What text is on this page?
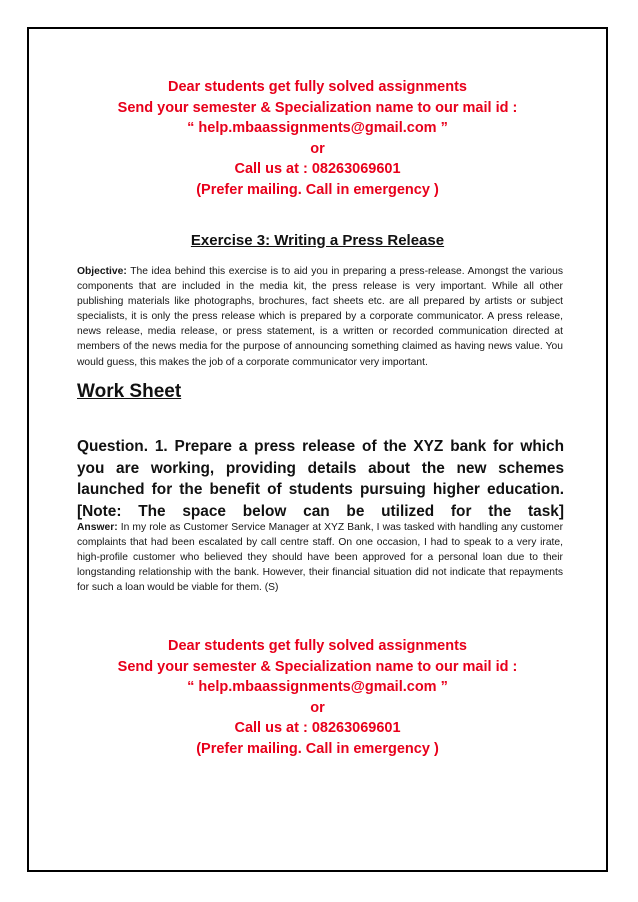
Dear students get fully solved assignments
Send your semester & Specialization name to our mail id :
“ help.mbaassignments@gmail.com ”
or
Call us at : 08263069601
(Prefer mailing. Call in emergency )
Exercise 3: Writing a Press Release
Objective: The idea behind this exercise is to aid you in preparing a press-release. Amongst the various components that are included in the media kit, the press release is very important. While all other publishing materials like photographs, brochures, fact sheets etc. are all prepared by artists or subject specialists, it is only the press release which is prepared by a corporate communicator. A press release, news release, media release, or press statement, is a written or recorded communication directed at members of the news media for the purpose of announcing something claimed as having news value. You would guess, this makes the job of a corporate communicator very important.
Work Sheet
Question. 1. Prepare a press release of the XYZ bank for which you are working, providing details about the new schemes launched for the benefit of students pursuing higher education.
[Note: The space below can be utilized for the task]
Answer: In my role as Customer Service Manager at XYZ Bank, I was tasked with handling any customer complaints that had been escalated by call centre staff. On one occasion, I had to speak to a very irate, high-profile customer who believed they should have been approved for a personal loan due to their longstanding relationship with the bank. However, their financial situation did not indicate that repayments for such a loan would be viable for them. (S)
Dear students get fully solved assignments
Send your semester & Specialization name to our mail id :
“ help.mbaassignments@gmail.com ”
or
Call us at : 08263069601
(Prefer mailing. Call in emergency )
